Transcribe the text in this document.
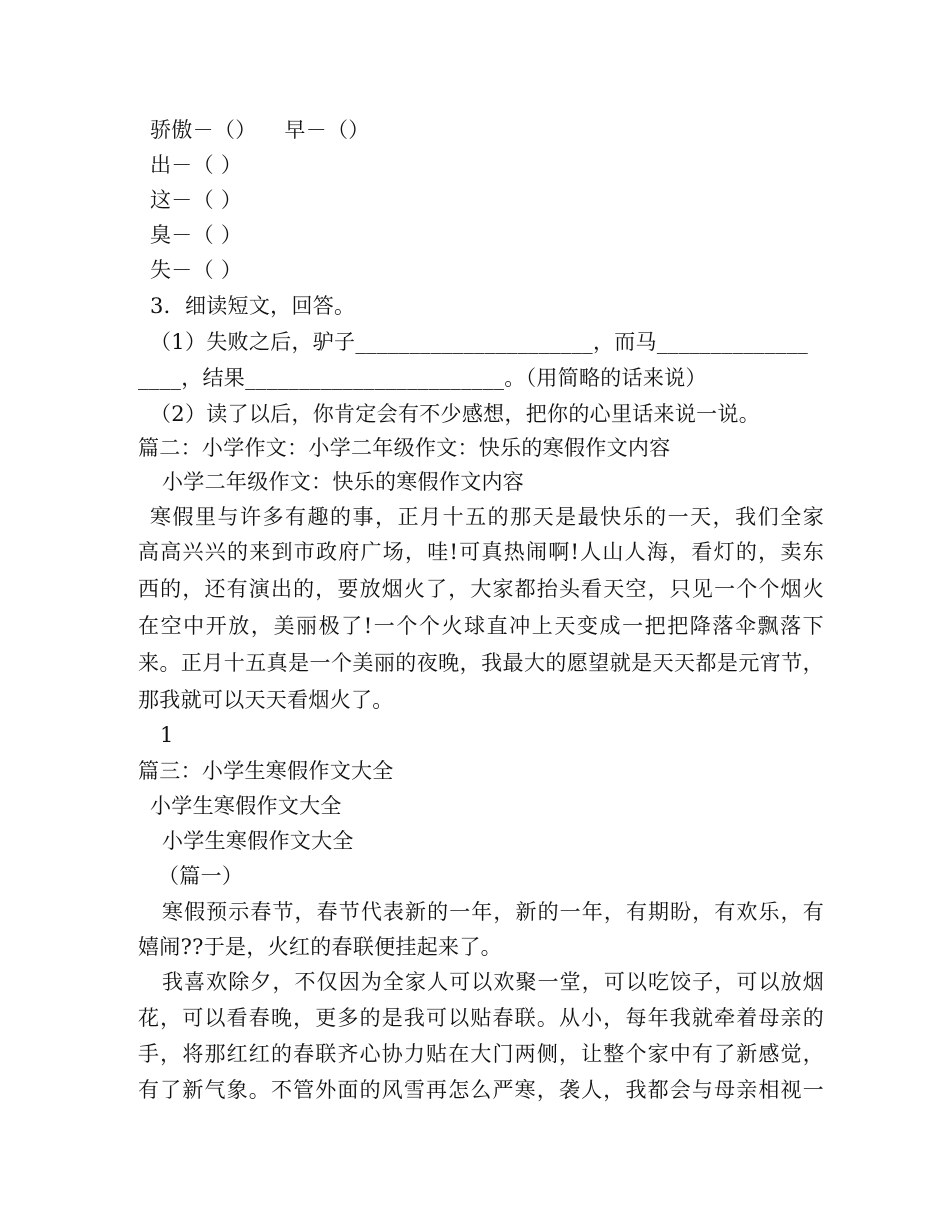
骄傲－（）    早－（）
出－（ ）
这－（ ）
臭－（ ）
失－（ ）
3．细读短文，回答。
（1）失败之后，驴子______________________，而马______________
____，结果________________________。（用简略的话来说）
（2）读了以后，你肯定会有不少感想，把你的心里话来说一说。
篇二：小学作文：小学二年级作文：快乐的寒假作文内容
小学二年级作文：快乐的寒假作文内容
寒假里与许多有趣的事，正月十五的那天是最快乐的一天，我们全家
高高兴兴的来到市政府广场，哇!可真热闹啊!人山人海，看灯的，卖东
西的，还有演出的，要放烟火了，大家都抬头看天空，只见一个个烟火
在空中开放，美丽极了!一个个火球直冲上天变成一把把降落伞飘落下
来。正月十五真是一个美丽的夜晚，我最大的愿望就是天天都是元宵节，
那我就可以天天看烟火了。
1
篇三：小学生寒假作文大全
小学生寒假作文大全
小学生寒假作文大全
（篇一）
寒假预示春节，春节代表新的一年，新的一年，有期盼，有欢乐，有
嬉闹??于是，火红的春联便挂起来了。
我喜欢除夕，不仅因为全家人可以欢聚一堂，可以吃饺子，可以放烟
花，可以看春晚，更多的是我可以贴春联。从小，每年我就牵着母亲的
手，将那红红的春联齐心协力贴在大门两侧，让整个家中有了新感觉，
有了新气象。不管外面的风雪再怎么严寒，袭人，我都会与母亲相视一
